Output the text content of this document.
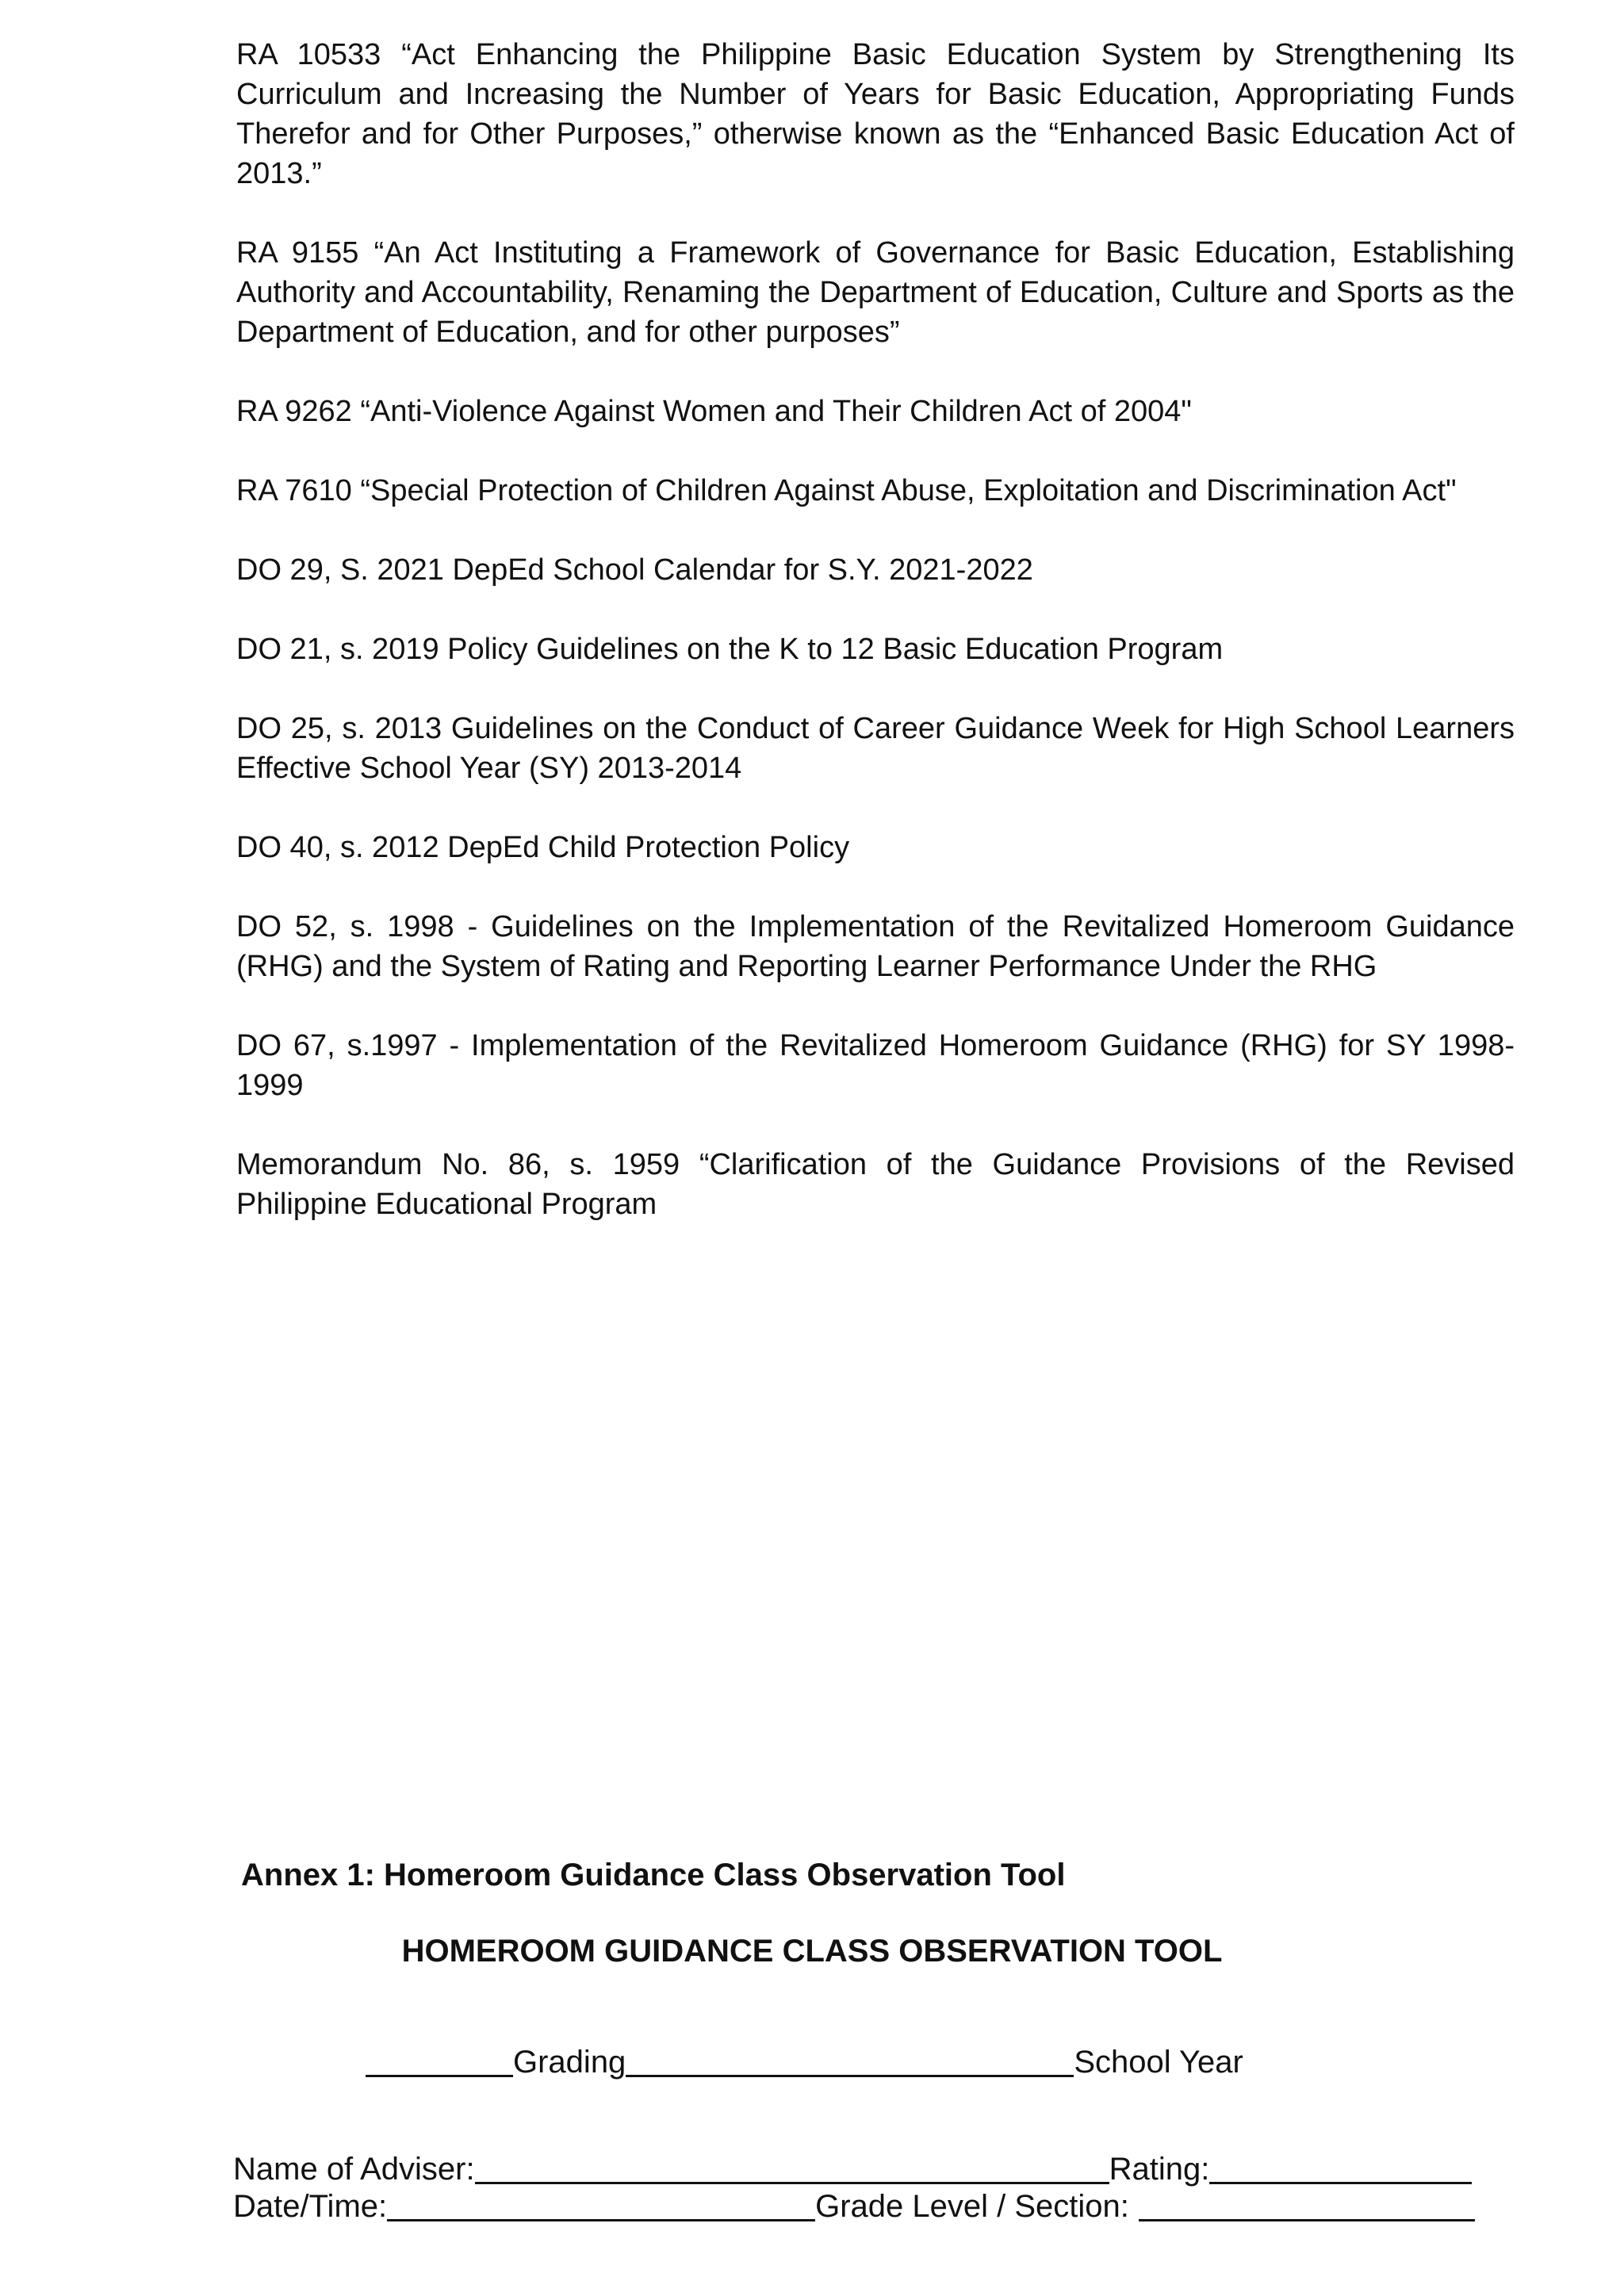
RA 10533 “Act Enhancing the Philippine Basic Education System by Strengthening Its Curriculum and Increasing the Number of Years for Basic Education, Appropriating Funds Therefor and for Other Purposes,” otherwise known as the “Enhanced Basic Education Act of 2013.”

RA 9155 “An Act Instituting a Framework of Governance for Basic Education, Establishing Authority and Accountability, Renaming the Department of Education, Culture and Sports as the Department of Education, and for other purposes”

RA 9262 “Anti-Violence Against Women and Their Children Act of 2004"

RA 7610 “Special Protection of Children Against Abuse, Exploitation and Discrimination Act"

DO 29, S. 2021 DepEd School Calendar for S.Y. 2021-2022

DO 21, s. 2019 Policy Guidelines on the K to 12 Basic Education Program

DO 25, s. 2013 Guidelines on the Conduct of Career Guidance Week for High School Learners Effective School Year (SY) 2013-2014

DO 40, s. 2012 DepEd Child Protection Policy

DO 52, s. 1998 - Guidelines on the Implementation of the Revitalized Homeroom Guidance (RHG) and the System of Rating and Reporting Learner Performance Under the RHG

DO 67, s.1997 - Implementation of the Revitalized Homeroom Guidance (RHG) for SY 1998-1999

Memorandum No. 86, s. 1959 “Clarification of the Guidance Provisions of the Revised Philippine Educational Program

Annex 1: Homeroom Guidance Class Observation Tool
HOMEROOM GUIDANCE CLASS OBSERVATION TOOL
Grading	School Year
Name of Adviser:	Rating:
Date/Time:	Grade Level / Section:
